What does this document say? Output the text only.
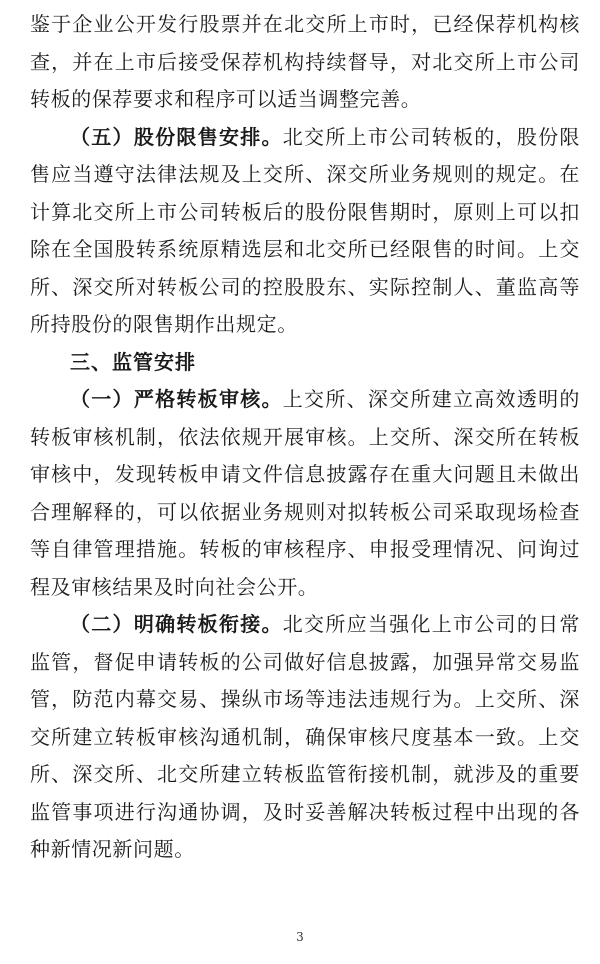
鉴于企业公开发行股票并在北交所上市时，已经保荐机构核查，并在上市后接受保荐机构持续督导，对北交所上市公司转板的保荐要求和程序可以适当调整完善。

（五）股份限售安排。北交所上市公司转板的，股份限售应当遵守法律法规及上交所、深交所业务规则的规定。在计算北交所上市公司转板后的股份限售期时，原则上可以扣除在全国股转系统原精选层和北交所已经限售的时间。上交所、深交所对转板公司的控股股东、实际控制人、董监高等所持股份的限售期作出规定。

三、监管安排

（一）严格转板审核。上交所、深交所建立高效透明的转板审核机制，依法依规开展审核。上交所、深交所在转板审核中，发现转板申请文件信息披露存在重大问题且未做出合理解释的，可以依据业务规则对拟转板公司采取现场检查等自律管理措施。转板的审核程序、申报受理情况、问询过程及审核结果及时向社会公开。

（二）明确转板衔接。北交所应当强化上市公司的日常监管，督促申请转板的公司做好信息披露，加强异常交易监管，防范内幕交易、操纵市场等违法违规行为。上交所、深交所建立转板审核沟通机制，确保审核尺度基本一致。上交所、深交所、北交所建立转板监管衔接机制，就涉及的重要监管事项进行沟通协调，及时妥善解决转板过程中出现的各种新情况新问题。

3
